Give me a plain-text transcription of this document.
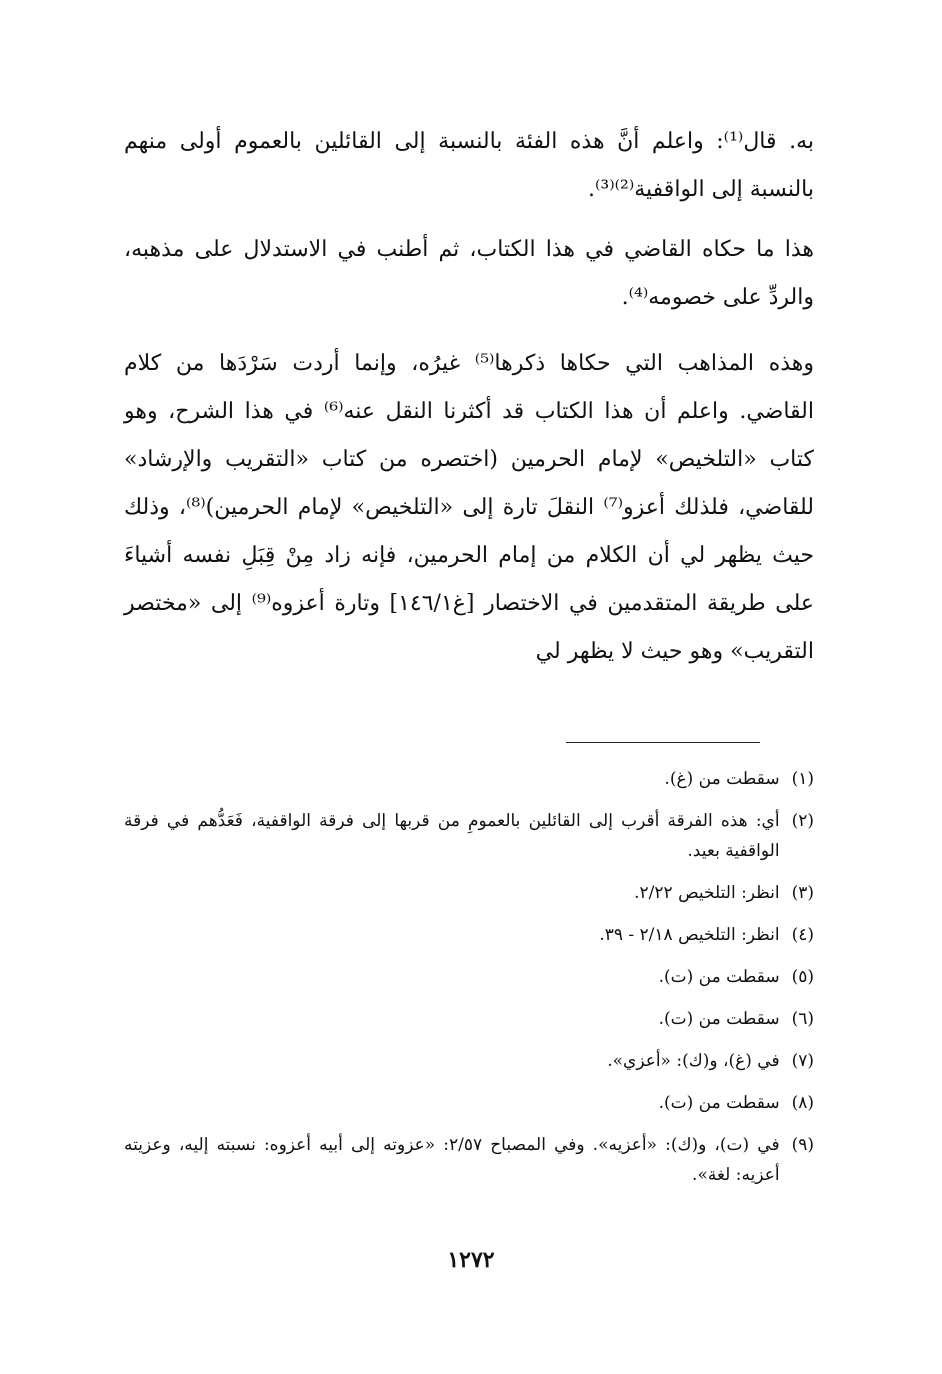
به. قال⁽¹⁾: واعلم أنَّ هذه الفئة بالنسبة إلى القائلين بالعموم أولى منهم بالنسبة إلى الواقفية⁽²⁾⁽³⁾.

هذا ما حكاه القاضي في هذا الكتاب، ثم أطنب في الاستدلال على مذهبه، والردِّ على خصومه⁽⁴⁾.

وهذه المذاهب التي حكاها ذكرها⁽⁵⁾ غيرُه، وإنما أردت سَرْدَها من كلام القاضي. واعلم أن هذا الكتاب قد أكثرنا النقل عنه⁽⁶⁾ في هذا الشرح، وهو كتاب «التلخيص» لإمام الحرمين (اختصره من كتاب «التقريب والإرشاد» للقاضي، فلذلك أعزو⁽⁷⁾ النقلَ تارة إلى «التلخيص» لإمام الحرمين)⁽⁸⁾، وذلك حيث يظهر لي أن الكلام من إمام الحرمين، فإنه زاد مِنْ قِبَلِ نفسه أشياءَ على طريقة المتقدمين في الاختصار [غ١٤٦/١] وتارة أعزوه⁽⁹⁾ إلى «مختصر التقريب» وهو حيث لا يظهر لي

(١)
سقطت من (غ).
(٢)
أي: هذه الفرقة أقرب إلى القائلين بالعمومِ من قربها إلى فرقة الواقفية، فَعَدُّهم في فرقة الواقفية بعيد.
(٣)
انظر: التلخيص ٢/٢٢.
(٤)
انظر: التلخيص ٢/١٨ - ٣٩.
(٥)
سقطت من (ت).
(٦)
سقطت من (ت).
(٧)
في (غ)، و(ك): «أعزي».
(٨)
سقطت من (ت).
(٩)
في (ت)، و(ك): «أعزيه». وفي المصباح ٢/٥٧: «عزوته إلى أبيه أعزوه: نسبته إليه، وعزيته أعزيه: لغة».
١٢٧٢
